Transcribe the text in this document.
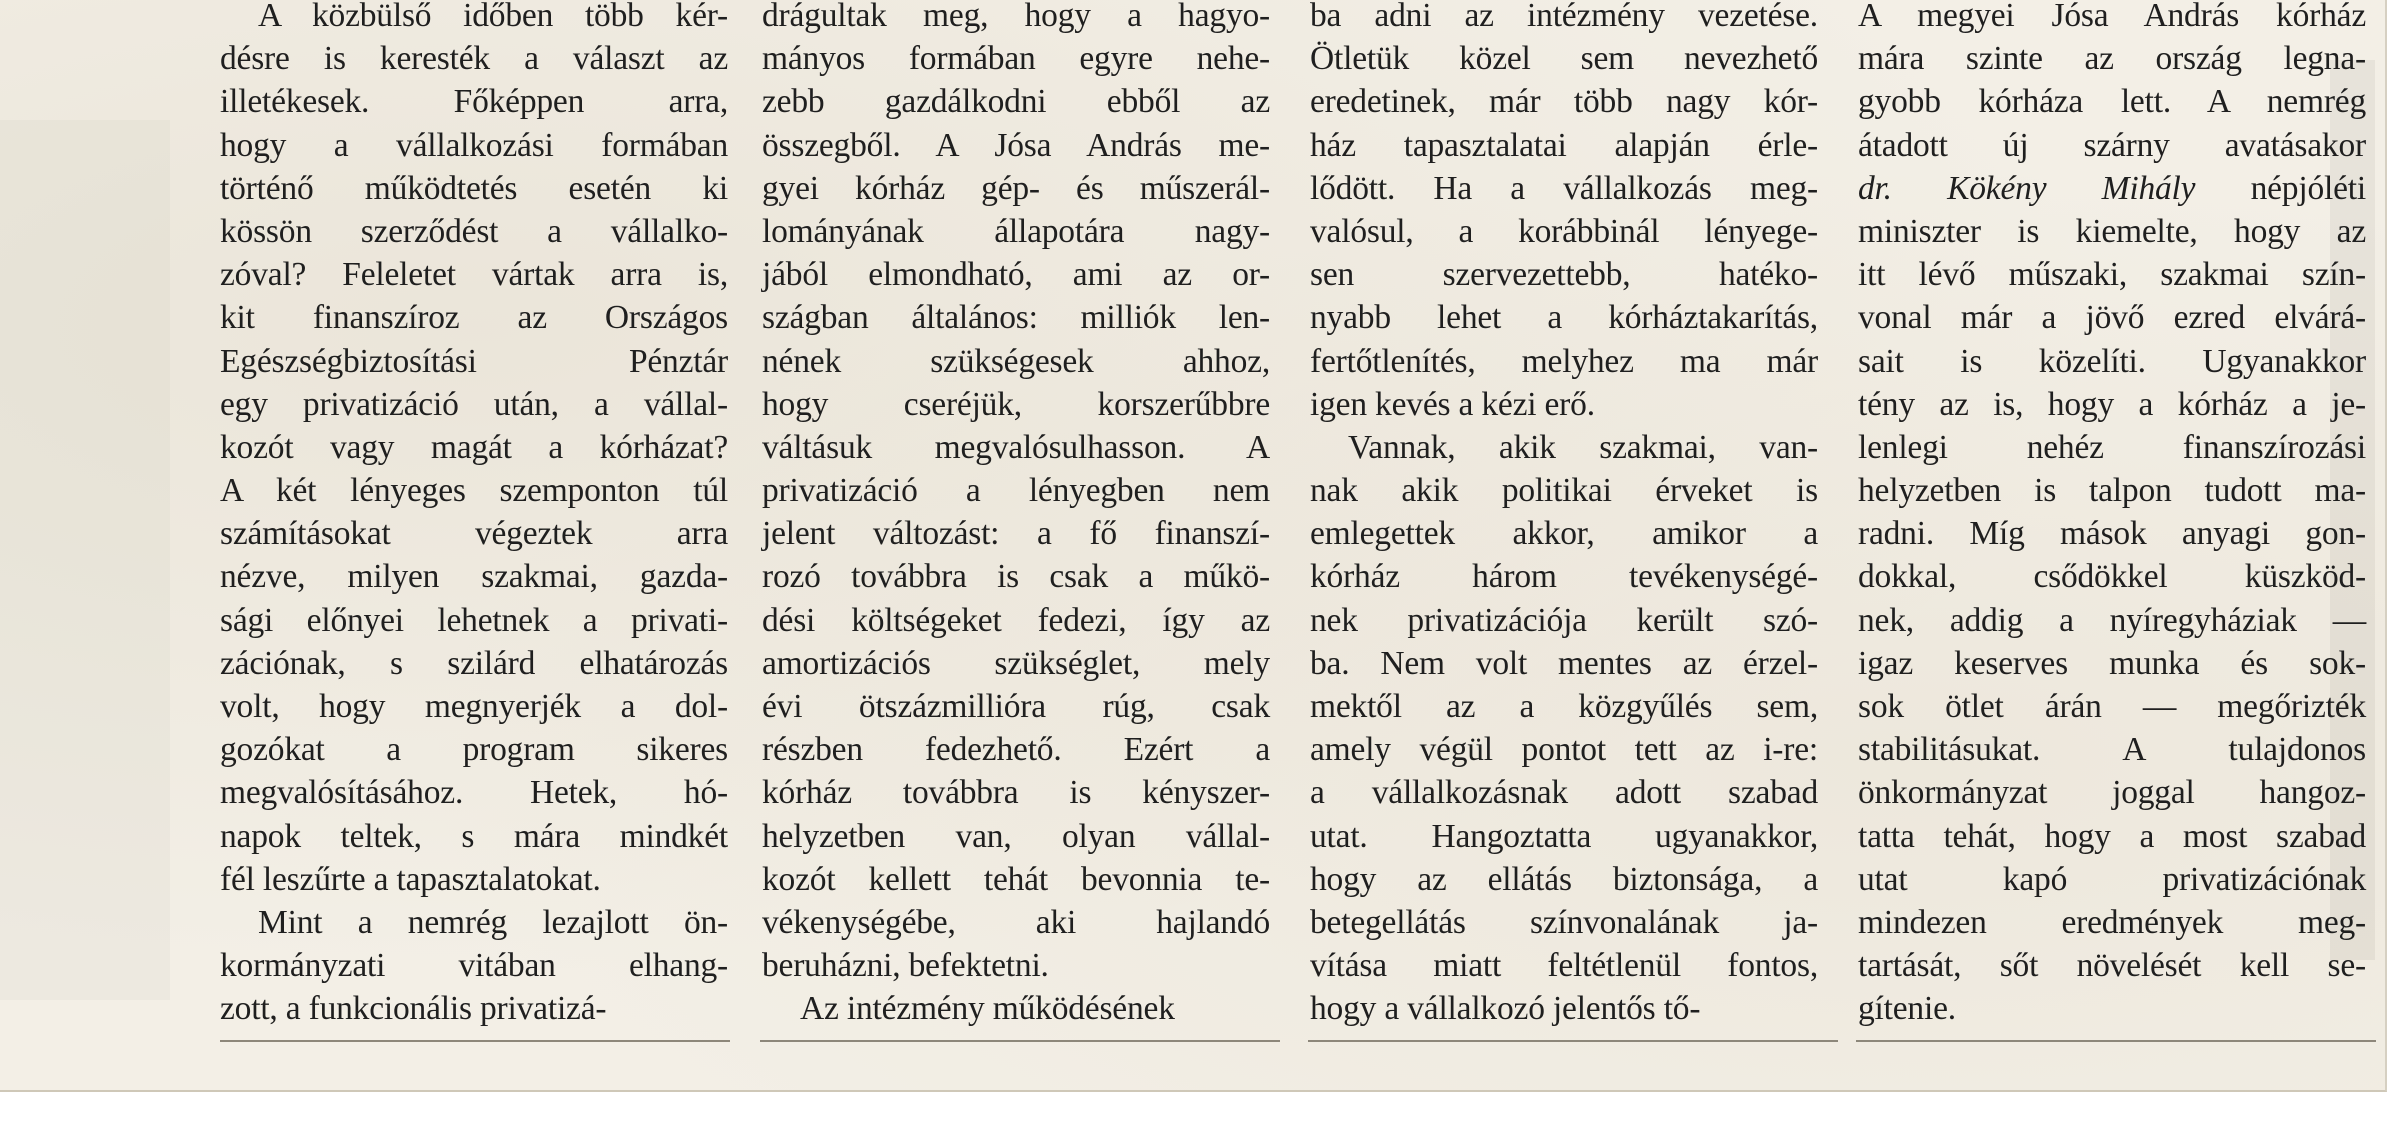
A közbülső időben több kér-
désre is keresték a választ az
illetékesek. Főképpen arra,
hogy a vállalkozási formában
történő működtetés esetén ki
kössön szerződést a vállalko-
zóval? Feleletet vártak arra is,
kit finanszíroz az Országos
Egészségbiztosítási Pénztár
egy privatizáció után, a vállal-
kozót vagy magát a kórházat?
A két lényeges szemponton túl
számításokat végeztek arra
nézve, milyen szakmai, gazda-
sági előnyei lehetnek a privati-
zációnak, s szilárd elhatározás
volt, hogy megnyerjék a dol-
gozókat a program sikeres
megvalósításához. Hetek, hó-
napok teltek, s mára mindkét
fél leszűrte a tapasztalatokat.

Mint a nemrég lezajlott ön-
kormányzati vitában elhang-
zott, a funkcionális privatizá-

drágultak meg, hogy a hagyo-
mányos formában egyre nehe-
zebb gazdálkodni ebből az
összegből. A Jósa András me-
gyei kórház gép- és műszerál-
lományának állapotára nagy-
jából elmondható, ami az or-
szágban általános: milliók len-
nének szükségesek ahhoz,
hogy cseréjük, korszerűbbre
váltásuk megvalósulhasson. A
privatizáció a lényegben nem
jelent változást: a fő finanszí-
rozó továbbra is csak a műkö-
dési költségeket fedezi, így az
amortizációs szükséglet, mely
évi ötszázmillióra rúg, csak
részben fedezhető. Ezért a
kórház továbbra is kényszer-
helyzetben van, olyan vállal-
kozót kellett tehát bevonnia te-
vékenységébe, aki hajlandó
beruházni, befektetni.

Az intézmény működésének

ba adni az intézmény vezetése.
Ötletük közel sem nevezhető
eredetinek, már több nagy kór-
ház tapasztalatai alapján érle-
lődött. Ha a vállalkozás meg-
valósul, a korábbinál lényege-
sen szervezettebb, hatéko-
nyabb lehet a kórháztakarítás,
fertőtlenítés, melyhez ma már
igen kevés a kézi erő.

Vannak, akik szakmai, van-
nak akik politikai érveket is
emlegettek akkor, amikor a
kórház három tevékenységé-
nek privatizációja került szó-
ba. Nem volt mentes az érzel-
mektől az a közgyűlés sem,
amely végül pontot tett az i-re:
a vállalkozásnak adott szabad
utat. Hangoztatta ugyanakkor,
hogy az ellátás biztonsága, a
betegellátás színvonalának ja-
vítása miatt feltétlenül fontos,
hogy a vállalkozó jelentős tő-

A megyei Jósa András kórház
mára szinte az ország legna-
gyobb kórháza lett. A nemrég
átadott új szárny avatásakor
dr. Kökény Mihály népjóléti
miniszter is kiemelte, hogy az
itt lévő műszaki, szakmai szín-
vonal már a jövő ezred elvárá-
sait is közelíti. Ugyanakkor
tény az is, hogy a kórház a je-
lenlegi nehéz finanszírozási
helyzetben is talpon tudott ma-
radni. Míg mások anyagi gon-
dokkal, csődökkel küszköd-
nek, addig a nyíregyháziak —
igaz keserves munka és sok-
sok ötlet árán — megőrizték
stabilitásukat. A tulajdonos
önkormányzat joggal hangoz-
tatta tehát, hogy a most szabad
utat kapó privatizációnak
mindezen eredmények meg-
tartását, sőt növelését kell se-
gítenie.
